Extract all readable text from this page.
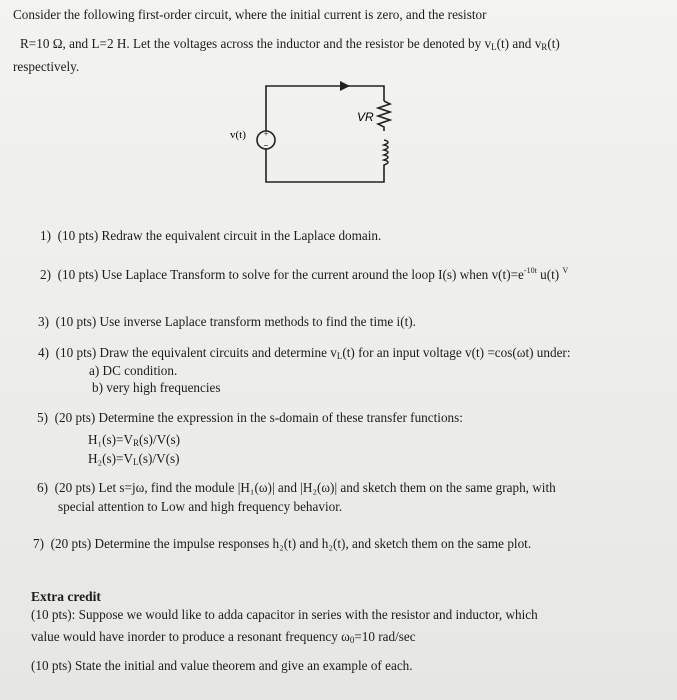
Consider the following first-order circuit, where the initial current is zero, and the resistor
R=10 Ω, and L=2 H. Let the voltages across the inductor and the resistor be denoted by $v_L(t)$ and $v_R(t)$
respectively.
+
−
v(t)
VR
1) (10 pts) Redraw the equivalent circuit in the Laplace domain.
2) (10 pts) Use Laplace Transform to solve for the current around the loop I(s) when $v(t)=e^{-10t}$ u(t) $^V$
3) (10 pts) Use inverse Laplace transform methods to find the time i(t).
4) (10 pts) Draw the equivalent circuits and determine $v_L(t)$ for an input voltage v(t) =cos(ωt) under:
a) DC condition.
b) very high frequencies
5) (20 pts) Determine the expression in the s-domain of these transfer functions:
$H_1(s)=V_R(s)/V(s)$
$H_2(s)=V_L(s)/V(s)$
6) (20 pts) Let s=jω, find the module |H₁(ω)| and |H₂(ω)| and sketch them on the same graph, with
special attention to Low and high frequency behavior.
7) (20 pts) Determine the impulse responses h₂(t) and h₂(t), and sketch them on the same plot.
Extra credit
(10 pts): Suppose we would like to adda capacitor in series with the resistor and inductor, which
value would have inorder to produce a resonant frequency $\omega_0=10$ rad/sec
(10 pts) State the initial and value theorem and give an example of each.
